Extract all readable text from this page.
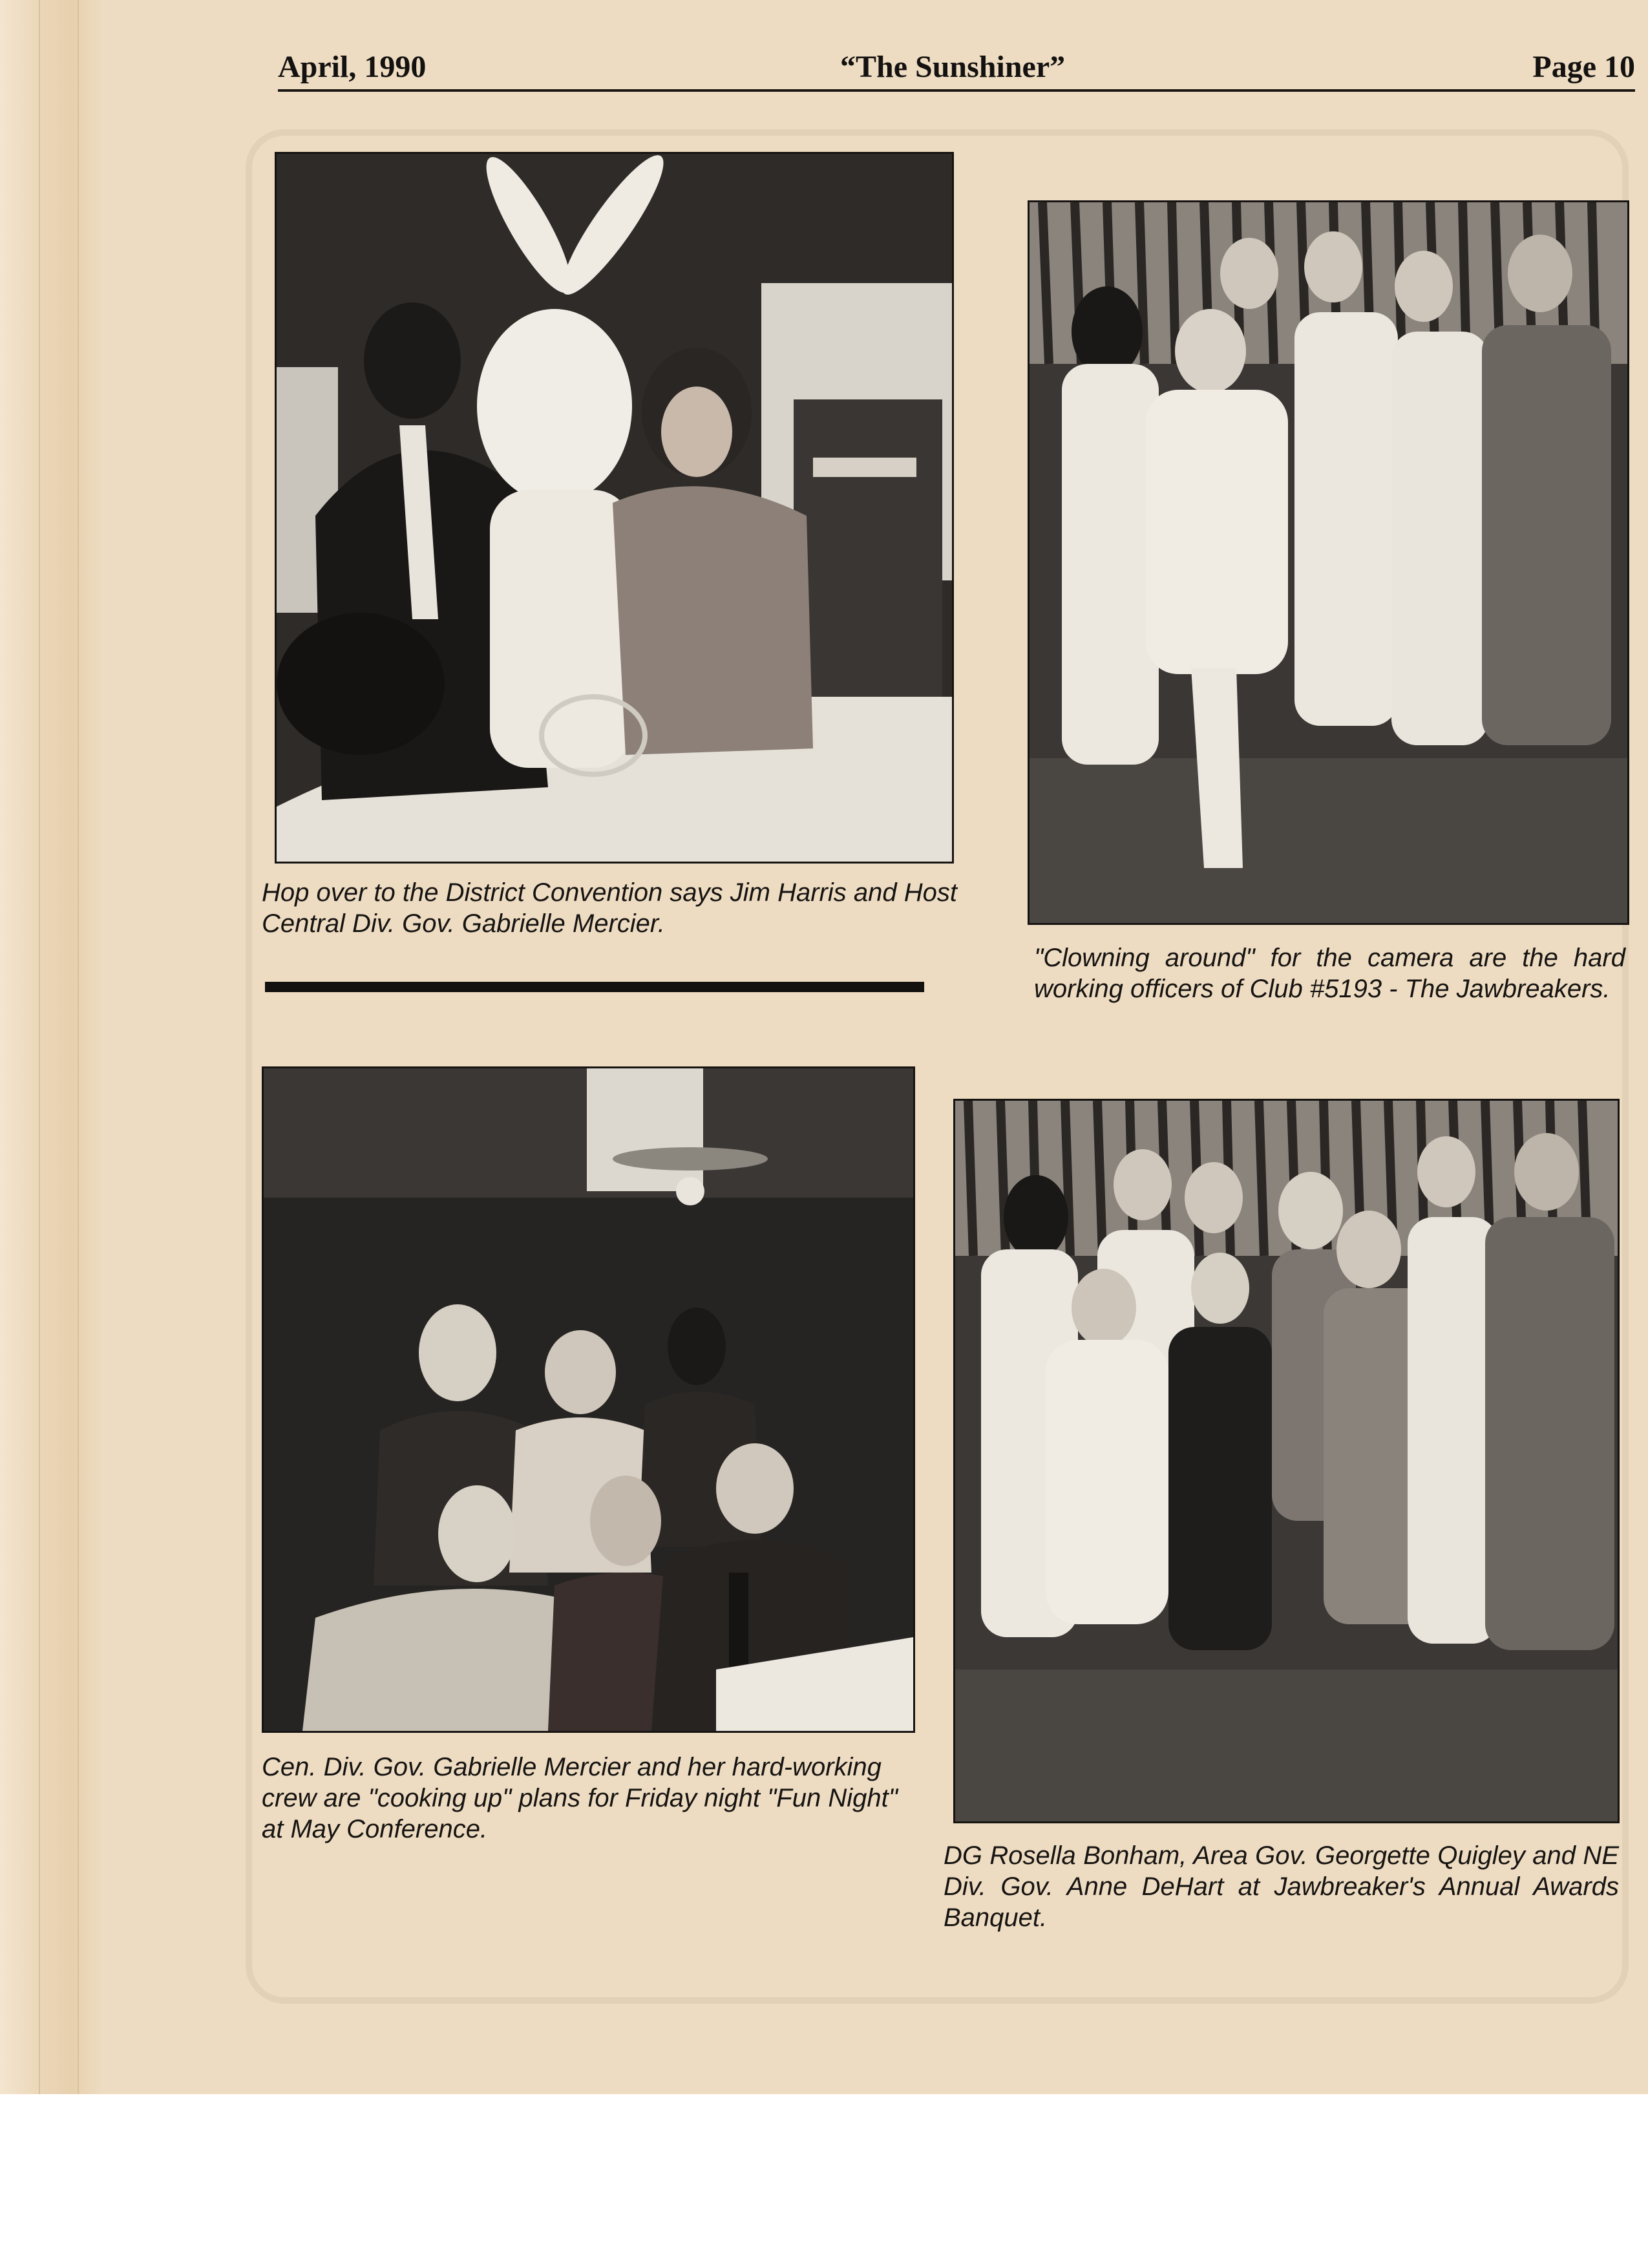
April, 1990	“The Sunshiner”	Page 10
Hop over to the District Convention says Jim Harris and Host Central Div. Gov. Gabrielle Mercier.
"Clowning around" for the camera are the hard working officers of Club #5193 - The Jawbreakers.
Cen. Div. Gov. Gabrielle Mercier and her hard-working crew are "cooking up" plans for Friday night "Fun Night" at May Conference.
DG Rosella Bonham, Area Gov. Georgette Quigley and NE Div. Gov. Anne DeHart at Jawbreaker's Annual Awards Banquet.
